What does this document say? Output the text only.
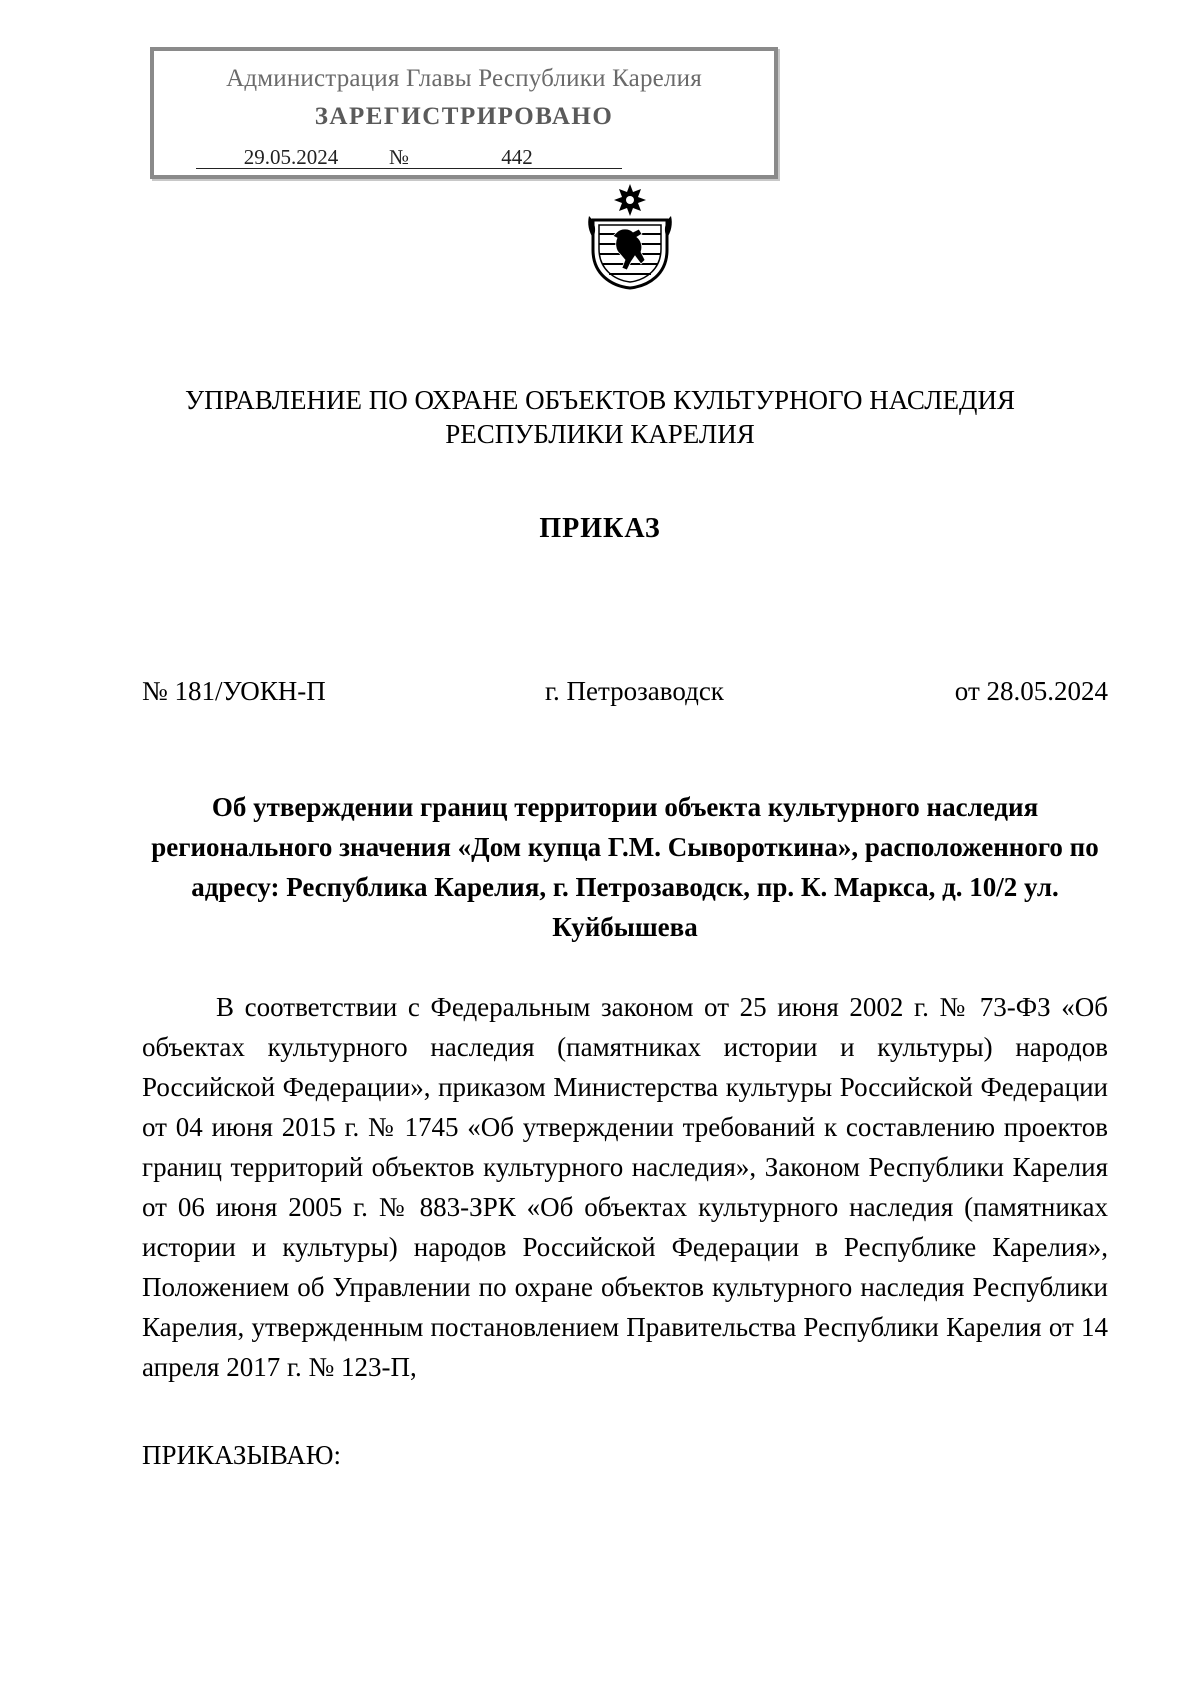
Администрация Главы Республики Карелия
ЗАРЕГИСТРИРОВАНО
29.05.2024 №	442
УПРАВЛЕНИЕ ПО ОХРАНЕ ОБЪЕКТОВ КУЛЬТУРНОГО НАСЛЕДИЯ
РЕСПУБЛИКИ КАРЕЛИЯ
ПРИКАЗ
№ 181/УОКН-П	г. Петрозаводск	от 28.05.2024
Об утверждении границ территории объекта культурного наследия регионального значения «Дом купца Г.М. Сывороткина», расположенного по адресу: Республика Карелия, г. Петрозаводск, пр. К. Маркса, д. 10/2 ул. Куйбышева

В соответствии с Федеральным законом от 25 июня 2002 г. № 73-ФЗ «Об объектах культурного наследия (памятниках истории и культуры) народов Российской Федерации», приказом Министерства культуры Российской Федерации от 04 июня 2015 г. № 1745 «Об утверждении требований к составлению проектов границ территорий объектов культурного наследия», Законом Республики Карелия от 06 июня 2005 г. № 883-ЗРК «Об объектах культурного наследия (памятниках истории и культуры) народов Российской Федерации в Республике Карелия», Положением об Управлении по охране объектов культурного наследия Республики Карелия, утвержденным постановлением Правительства Республики Карелия от 14 апреля 2017 г. № 123-П,

ПРИКАЗЫВАЮ:
